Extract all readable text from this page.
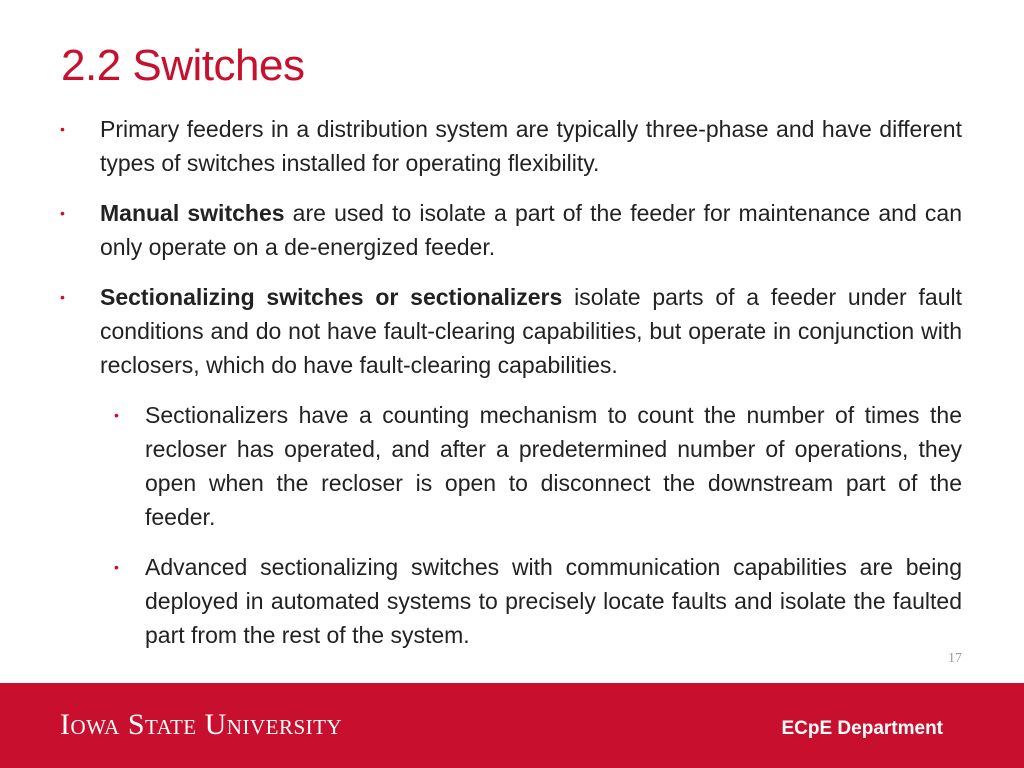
2.2 Switches
• Primary feeders in a distribution system are typically three-phase and have different types of switches installed for operating flexibility.
• Manual switches are used to isolate a part of the feeder for maintenance and can only operate on a de-energized feeder.
• Sectionalizing switches or sectionalizers isolate parts of a feeder under fault conditions and do not have fault-clearing capabilities, but operate in conjunction with reclosers, which do have fault-clearing capabilities.
• Sectionalizers have a counting mechanism to count the number of times the recloser has operated, and after a predetermined number of operations, they open when the recloser is open to disconnect the downstream part of the feeder.
• Advanced sectionalizing switches with communication capabilities are being deployed in automated systems to precisely locate faults and isolate the faulted part from the rest of the system.
17
Iowa State University	ECpE Department
